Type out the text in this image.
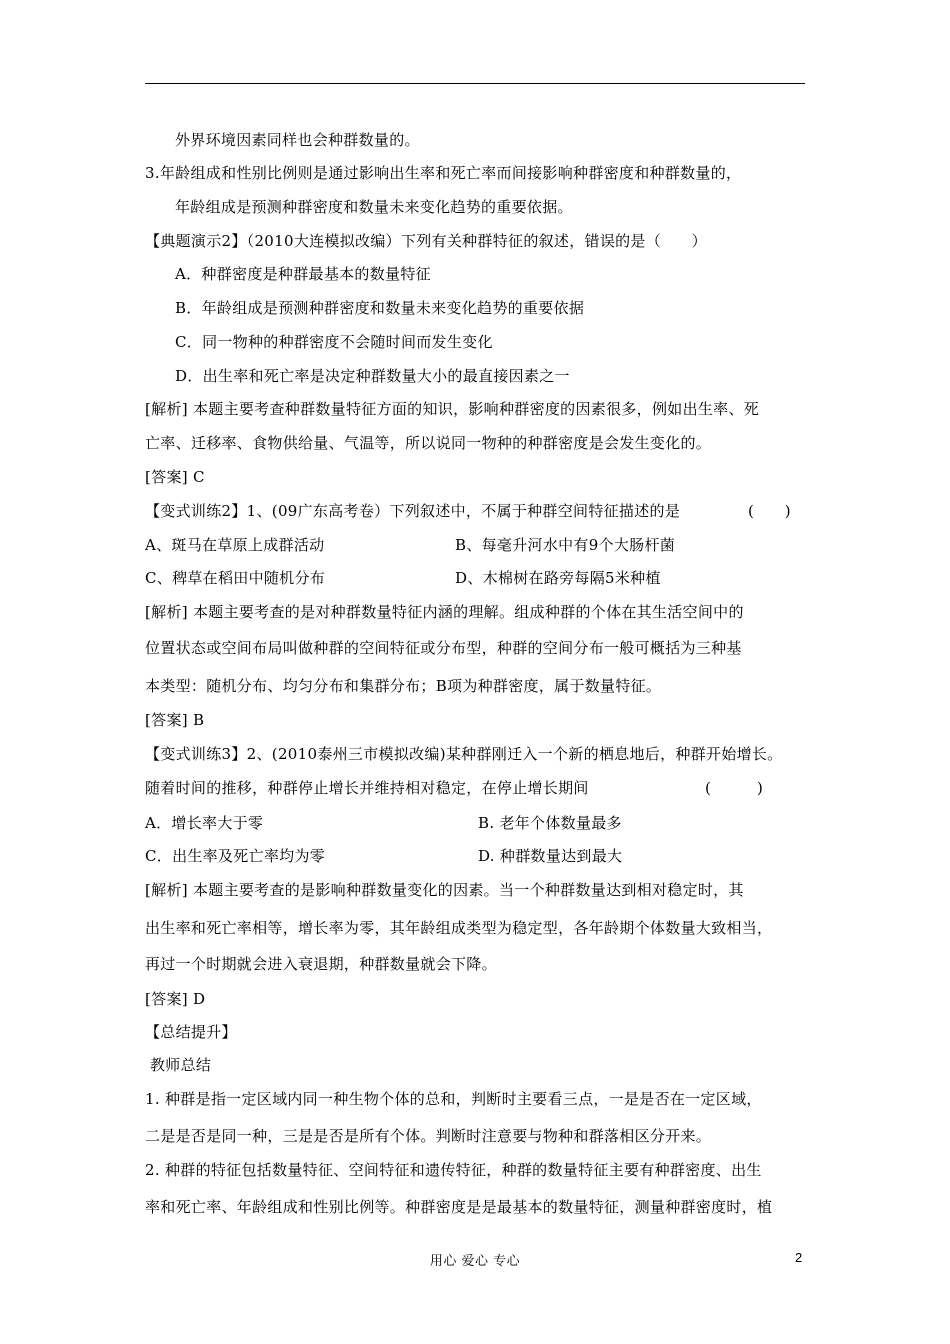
外界环境因素同样也会种群数量的。
3.年龄组成和性别比例则是通过影响出生率和死亡率而间接影响种群密度和种群数量的，
年龄组成是预测种群密度和数量未来变化趋势的重要依据。
【典题演示2】（2010大连模拟改编）下列有关种群特征的叙述，错误的是（　　）
A．种群密度是种群最基本的数量特征
B．年龄组成是预测种群密度和数量未来变化趋势的重要依据
C．同一物种的种群密度不会随时间而发生变化
D．出生率和死亡率是决定种群数量大小的最直接因素之一
[解析] 本题主要考查种群数量特征方面的知识，影响种群密度的因素很多，例如出生率、死
亡率、迁移率、食物供给量、气温等，所以说同一物种的种群密度是会发生变化的。
[答案] C
【变式训练2】1、(09广东高考卷）下列叙述中，不属于种群空间特征描述的是	(　　)
A、斑马在草原上成群活动	B、每毫升河水中有9个大肠杆菌
C、稗草在稻田中随机分布	D、木棉树在路旁每隔5米种植
[解析] 本题主要考查的是对种群数量特征内涵的理解。组成种群的个体在其生活空间中的
位置状态或空间布局叫做种群的空间特征或分布型，种群的空间分布一般可概括为三种基
本类型：随机分布、均匀分布和集群分布；B项为种群密度，属于数量特征。
[答案] B
【变式训练3】2、(2010泰州三市模拟改编)某种群刚迁入一个新的栖息地后，种群开始增长。
随着时间的推移，种群停止增长并维持相对稳定，在停止增长期间	(　　　)
A．增长率大于零	B. 老年个体数量最多
C．出生率及死亡率均为零	D. 种群数量达到最大
[解析] 本题主要考查的是影响种群数量变化的因素。当一个种群数量达到相对稳定时，其
出生率和死亡率相等，增长率为零，其年龄组成类型为稳定型，各年龄期个体数量大致相当，
再过一个时期就会进入衰退期，种群数量就会下降。
[答案] D
【总结提升】
教师总结
1. 种群是指一定区域内同一种生物个体的总和，判断时主要看三点，一是是否在一定区域，
二是是否是同一种，三是是否是所有个体。判断时注意要与物种和群落相区分开来。
2. 种群的特征包括数量特征、空间特征和遗传特征，种群的数量特征主要有种群密度、出生
率和死亡率、年龄组成和性别比例等。种群密度是是最基本的数量特征，测量种群密度时，植
用心 爱心 专心	2
